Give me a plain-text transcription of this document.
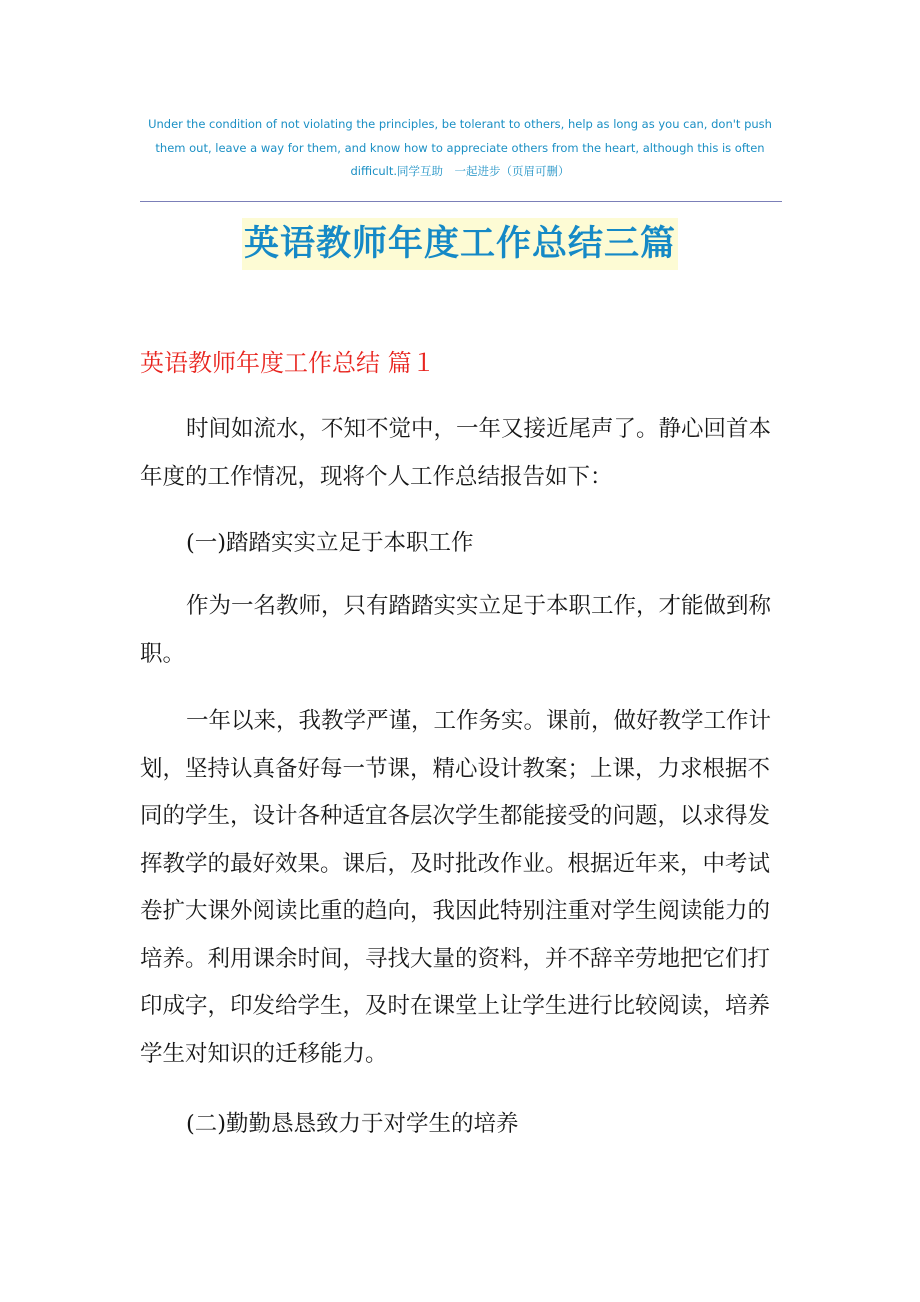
Under the condition of not violating the principles, be tolerant to others, help as long as you can, don't push them out, leave a way for them, and know how to appreciate others from the heart, although this is often difficult.同学互助　一起进步（页眉可删）
英语教师年度工作总结三篇
英语教师年度工作总结 篇１

时间如流水，不知不觉中，一年又接近尾声了。静心回首本年度的工作情况，现将个人工作总结报告如下：

(一)踏踏实实立足于本职工作

作为一名教师，只有踏踏实实立足于本职工作，才能做到称职。

一年以来，我教学严谨，工作务实。课前，做好教学工作计划，坚持认真备好每一节课，精心设计教案；上课，力求根据不同的学生，设计各种适宜各层次学生都能接受的问题，以求得发挥教学的最好效果。课后，及时批改作业。根据近年来，中考试卷扩大课外阅读比重的趋向，我因此特别注重对学生阅读能力的培养。利用课余时间，寻找大量的资料，并不辞辛劳地把它们打印成字，印发给学生，及时在课堂上让学生进行比较阅读，培养学生对知识的迁移能力。

(二)勤勤恳恳致力于对学生的培养
